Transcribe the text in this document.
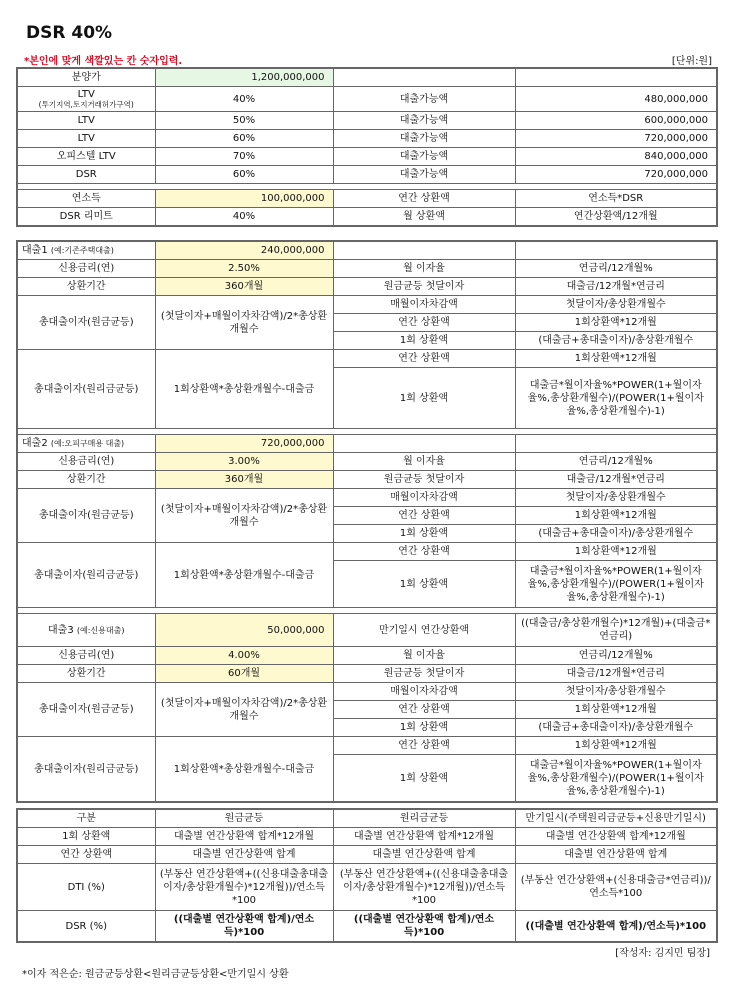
DSR 40%
*본인에 맞게 색깔있는 칸 숫자입력.	[단위:원]
분양가	1,200,000,000		

LTV
(투기지역,토지거래허가구역)	40%	대출가능액	480,000,000
LTV	50%	대출가능액	600,000,000
LTV	60%	대출가능액	720,000,000
오피스텔 LTV	70%	대출가능액	840,000,000
DSR	60%	대출가능액	720,000,000

연소득	100,000,000	연간 상환액	연소득*DSR
DSR 리미트	40%	월 상환액	연간상환액/12개월
대출1 (예:기존주택대출)	240,000,000		
신용금리(연)	2.50%	월 이자율	연금리/12개월%
상환기간	360개월	원금균등 첫달이자	대출금/12개월*연금리
총대출이자(원금균등)	(첫달이자+매월이자차감액)/2*총상환개월수	매월이자차감액	첫달이자/총상환개월수
		연간 상환액	1회상환액*12개월
		1회 상환액	(대출금+총대출이자)/총상환개월수
총대출이자(원리금균등)	1회상환액*총상환개월수-대출금	연간 상환액	1회상환액*12개월
		1회 상환액	대출금*월이자율%*POWER(1+월이자율%,총상환개월수)/(POWER(1+월이자율%,총상환개월수)-1)

대출2 (예:오피구매용 대출)	720,000,000		
신용금리(연)	3.00%	월 이자율	연금리/12개월%
상환기간	360개월	원금균등 첫달이자	대출금/12개월*연금리
총대출이자(원금균등)	(첫달이자+매월이자차감액)/2*총상환개월수	매월이자차감액	첫달이자/총상환개월수
		연간 상환액	1회상환액*12개월
		1회 상환액	(대출금+총대출이자)/총상환개월수
총대출이자(원리금균등)	1회상환액*총상환개월수-대출금	연간 상환액	1회상환액*12개월
		1회 상환액	대출금*월이자율%*POWER(1+월이자율%,총상환개월수)/(POWER(1+월이자율%,총상환개월수)-1)

대출3 (예:신용대출)	50,000,000	만기일시 연간상환액	((대출금/총상환개월수)*12개월)+(대출금*연금리)
신용금리(연)	4.00%	월 이자율	연금리/12개월%
상환기간	60개월	원금균등 첫달이자	대출금/12개월*연금리
총대출이자(원금균등)	(첫달이자+매월이자차감액)/2*총상환개월수	매월이자차감액	첫달이자/총상환개월수
		연간 상환액	1회상환액*12개월
		1회 상환액	(대출금+총대출이자)/총상환개월수
총대출이자(원리금균등)	1회상환액*총상환개월수-대출금	연간 상환액	1회상환액*12개월
		1회 상환액	대출금*월이자율%*POWER(1+월이자율%,총상환개월수)/(POWER(1+월이자율%,총상환개월수)-1)
구분	원금균등	원리금균등	만기일시(주택원리금균등+신용만기일시)
1회 상환액	대출별 연간상환액 합계*12개월	대출별 연간상환액 합계*12개월	대출별 연간상환액 합계*12개월
연간 상환액	대출별 연간상환액 합계	대출별 연간상환액 합계	대출별 연간상환액 합계
DTI (%)	(부동산 연간상환액+((신용대출총대출이자/총상환개월수)*12개월))/연소득*100	(부동산 연간상환액+((신용대출총대출이자/총상환개월수)*12개월))/연소득*100	(부동산 연간상환액+(신용대출금*연금리))/연소득*100
DSR (%)	((대출별 연간상환액 합계)/연소득)*100	((대출별 연간상환액 합계)/연소득)*100	((대출별 연간상환액 합계)/연소득)*100
[작성자: 김지민 팀장]
*이자 적은순: 원금균등상환<원리금균등상환<만기일시 상환
